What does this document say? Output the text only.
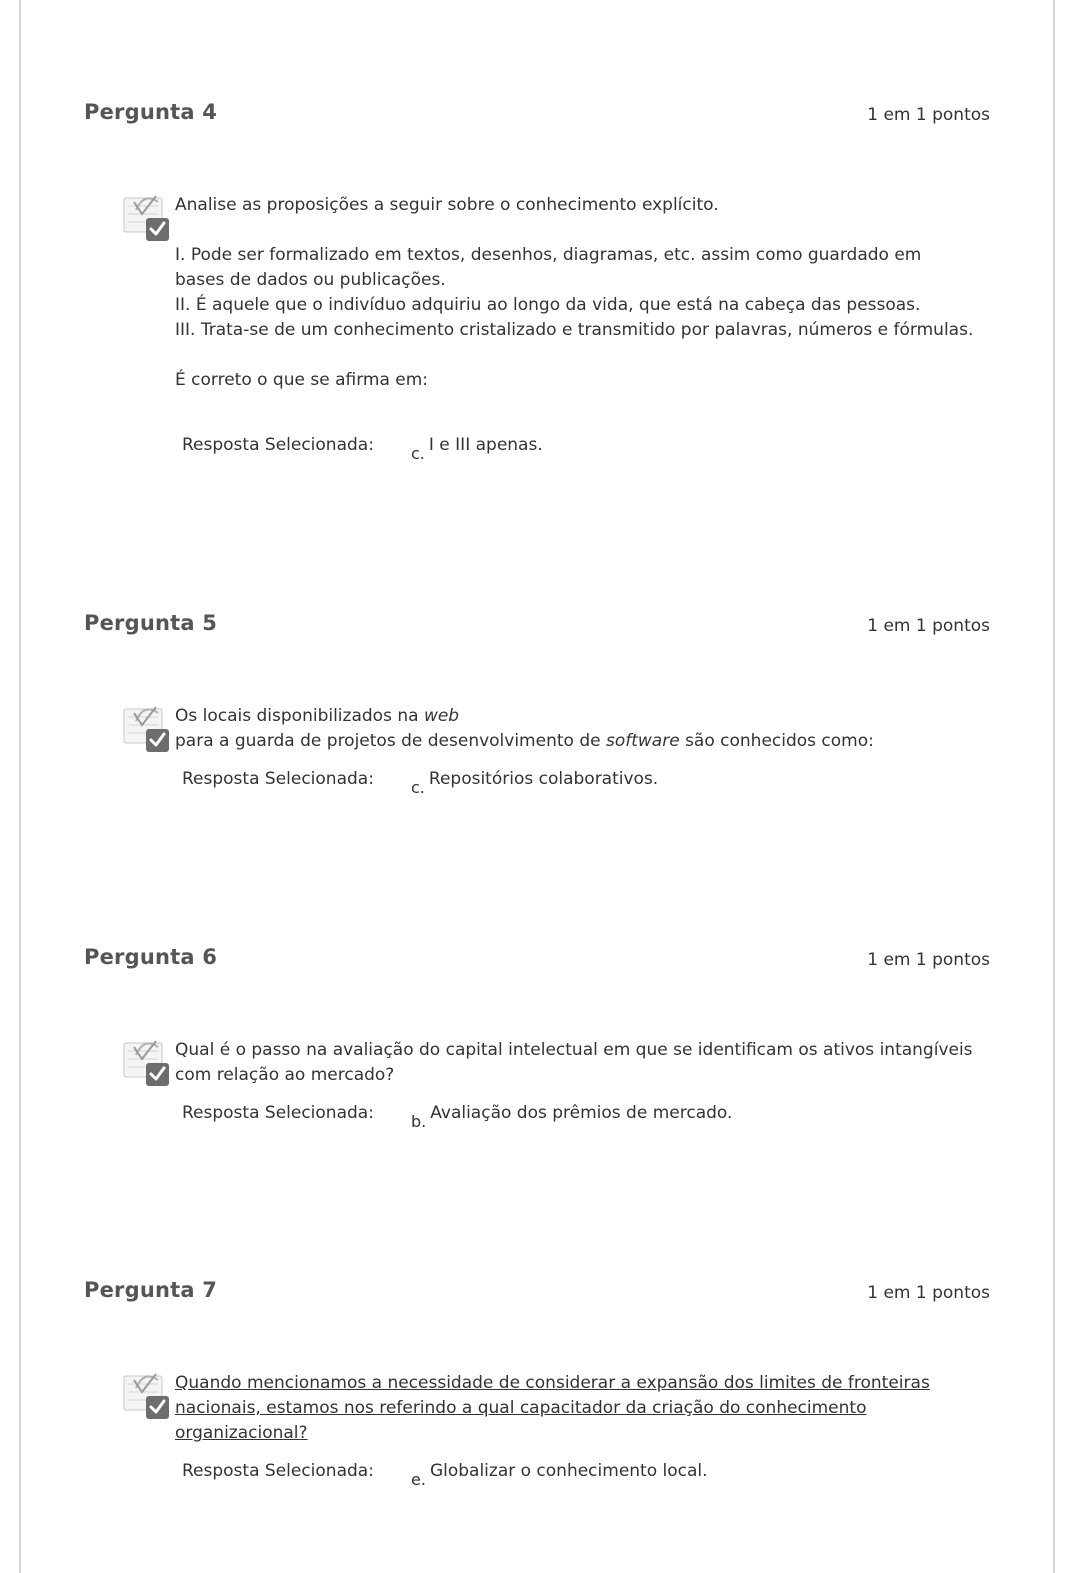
Pergunta 4	1 em 1 pontos

Analise as proposições a seguir sobre o conhecimento explícito.

I. Pode ser formalizado em textos, desenhos, diagramas, etc. assim como guardado em bases de dados ou publicações.

II. É aquele que o indivíduo adquiriu ao longo da vida, que está na cabeça das pessoas.

III. Trata-se de um conhecimento cristalizado e transmitido por palavras, números e fórmulas.

É correto o que se afirma em:

Resposta Selecionada: c. I e III apenas.
Pergunta 5	1 em 1 pontos

Os locais disponibilizados na web

para a guarda de projetos de desenvolvimento de software são conhecidos como:

Resposta Selecionada: c. Repositórios colaborativos.
Pergunta 6	1 em 1 pontos

Qual é o passo na avaliação do capital intelectual em que se identificam os ativos intangíveis com relação ao mercado?

Resposta Selecionada: b. Avaliação dos prêmios de mercado.
Pergunta 7	1 em 1 pontos

Quando mencionamos a necessidade de considerar a expansão dos limites de fronteiras nacionais, estamos nos referindo a qual capacitador da criação do conhecimento organizacional?

Resposta Selecionada: e. Globalizar o conhecimento local.
